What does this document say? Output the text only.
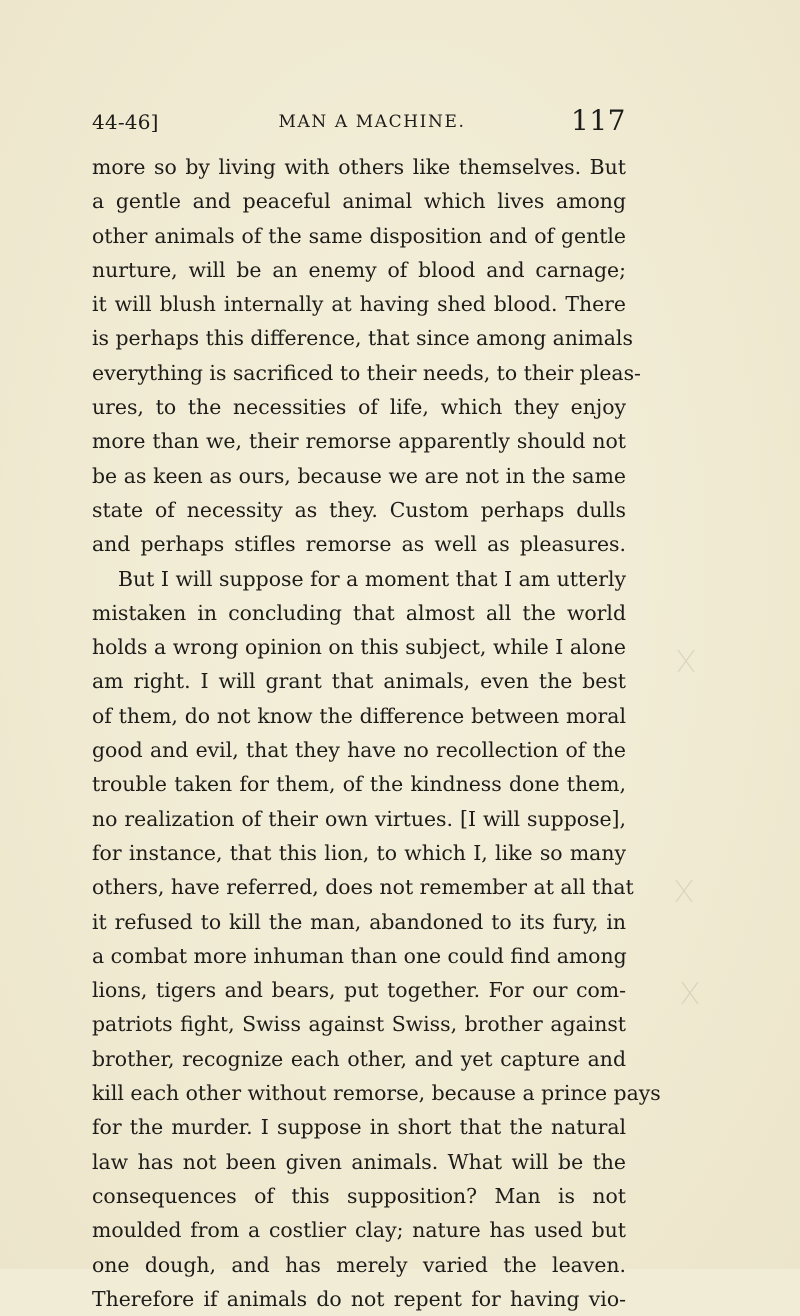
44-46]	MAN A MACHINE.	117
more so by living with others like themselves. But
a gentle and peaceful animal which lives among
other animals of the same disposition and of gentle
nurture, will be an enemy of blood and carnage;
it will blush internally at having shed blood. There
is perhaps this difference, that since among animals
everything is sacrificed to their needs, to their pleas-
ures, to the necessities of life, which they enjoy
more than we, their remorse apparently should not
be as keen as ours, because we are not in the same
state of necessity as they. Custom perhaps dulls
and perhaps stifles remorse as well as pleasures.
But I will suppose for a moment that I am utterly
mistaken in concluding that almost all the world
holds a wrong opinion on this subject, while I alone
am right. I will grant that animals, even the best
of them, do not know the difference between moral
good and evil, that they have no recollection of the
trouble taken for them, of the kindness done them,
no realization of their own virtues. [I will suppose],
for instance, that this lion, to which I, like so many
others, have referred, does not remember at all that
it refused to kill the man, abandoned to its fury, in
a combat more inhuman than one could find among
lions, tigers and bears, put together. For our com-
patriots fight, Swiss against Swiss, brother against
brother, recognize each other, and yet capture and
kill each other without remorse, because a prince pays
for the murder. I suppose in short that the natural
law has not been given animals. What will be the
consequences of this supposition? Man is not
moulded from a costlier clay; nature has used but
one dough, and has merely varied the leaven.
Therefore if animals do not repent for having vio-
